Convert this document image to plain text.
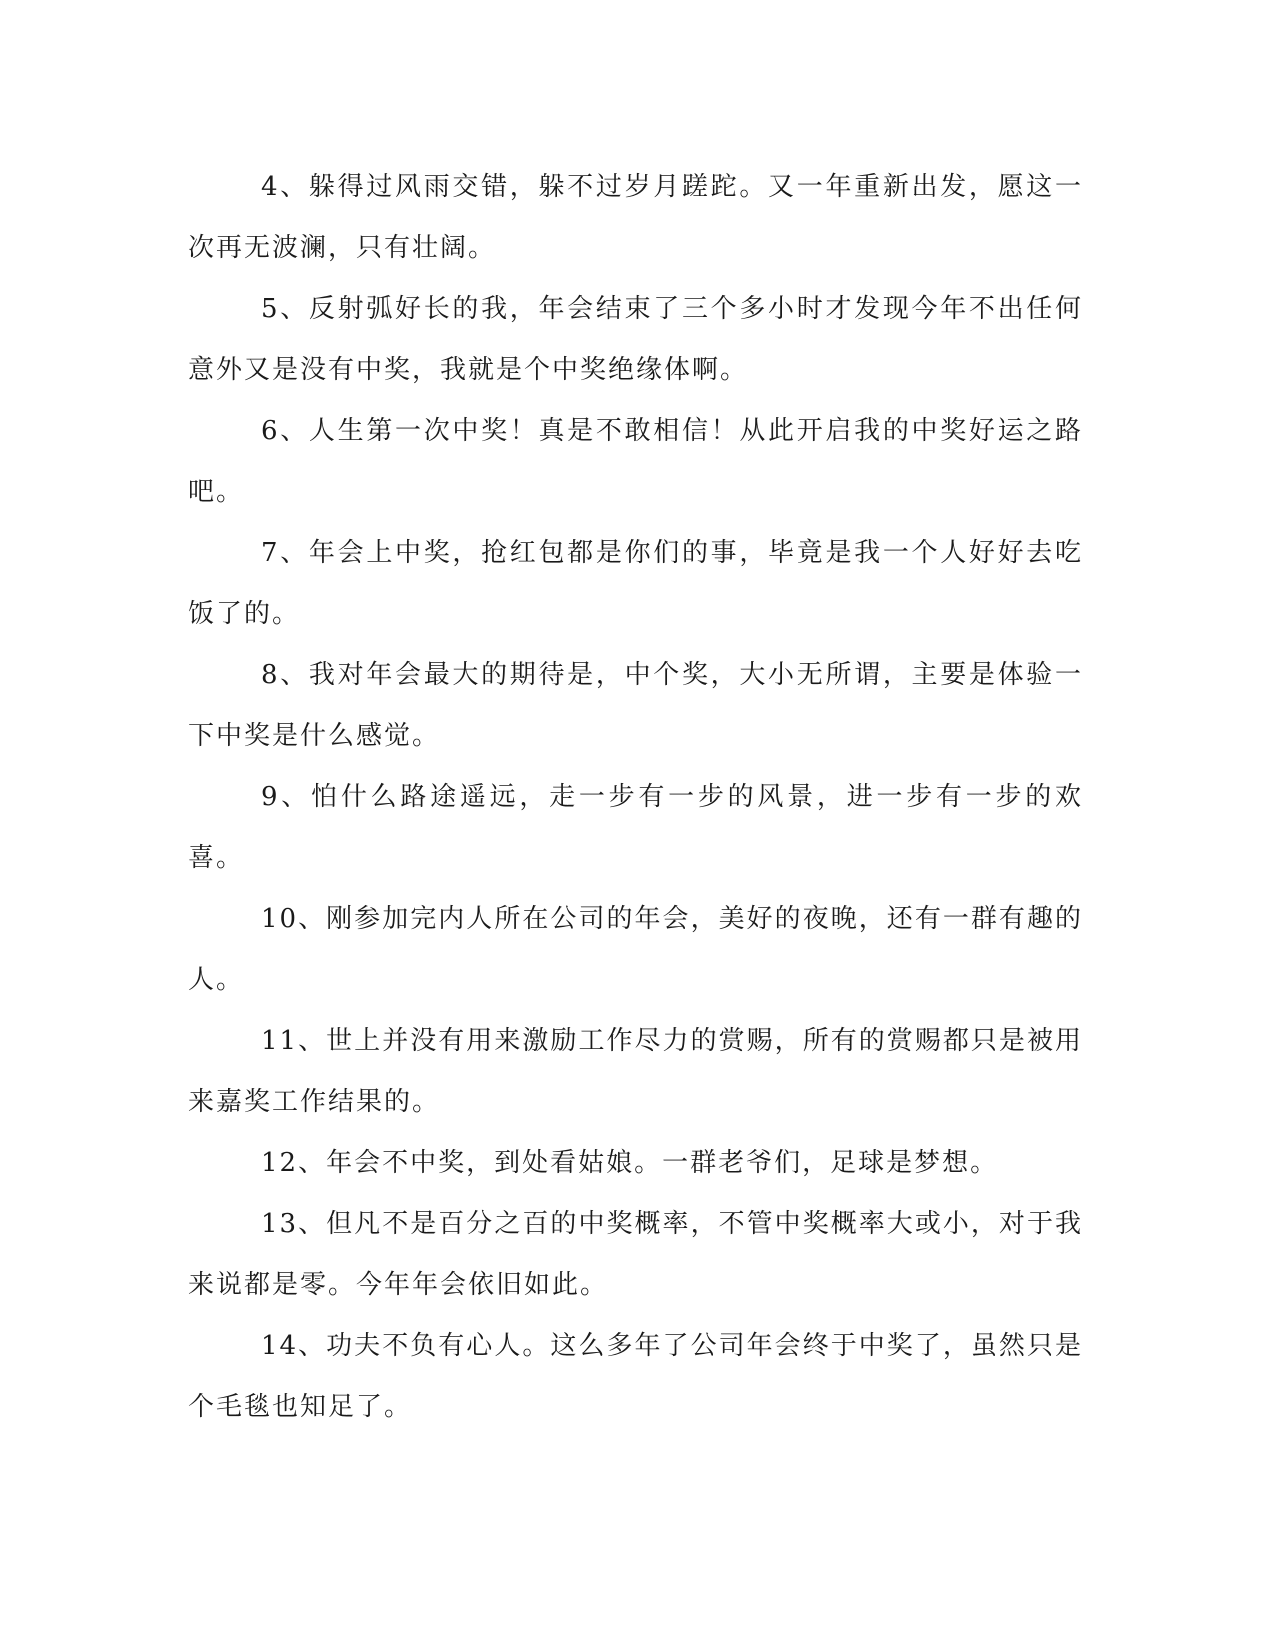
4、躲得过风雨交错，躲不过岁月蹉跎。又一年重新出发，愿这一次再无波澜，只有壮阔。

5、反射弧好长的我，年会结束了三个多小时才发现今年不出任何意外又是没有中奖，我就是个中奖绝缘体啊。

6、人生第一次中奖！真是不敢相信！从此开启我的中奖好运之路吧。

7、年会上中奖，抢红包都是你们的事，毕竟是我一个人好好去吃饭了的。

8、我对年会最大的期待是，中个奖，大小无所谓，主要是体验一下中奖是什么感觉。

9、怕什么路途遥远，走一步有一步的风景，进一步有一步的欢喜。

10、刚参加完内人所在公司的年会，美好的夜晚，还有一群有趣的人。

11、世上并没有用来激励工作尽力的赏赐，所有的赏赐都只是被用来嘉奖工作结果的。

12、年会不中奖，到处看姑娘。一群老爷们，足球是梦想。

13、但凡不是百分之百的中奖概率，不管中奖概率大或小，对于我来说都是零。今年年会依旧如此。

14、功夫不负有心人。这么多年了公司年会终于中奖了，虽然只是个毛毯也知足了。
